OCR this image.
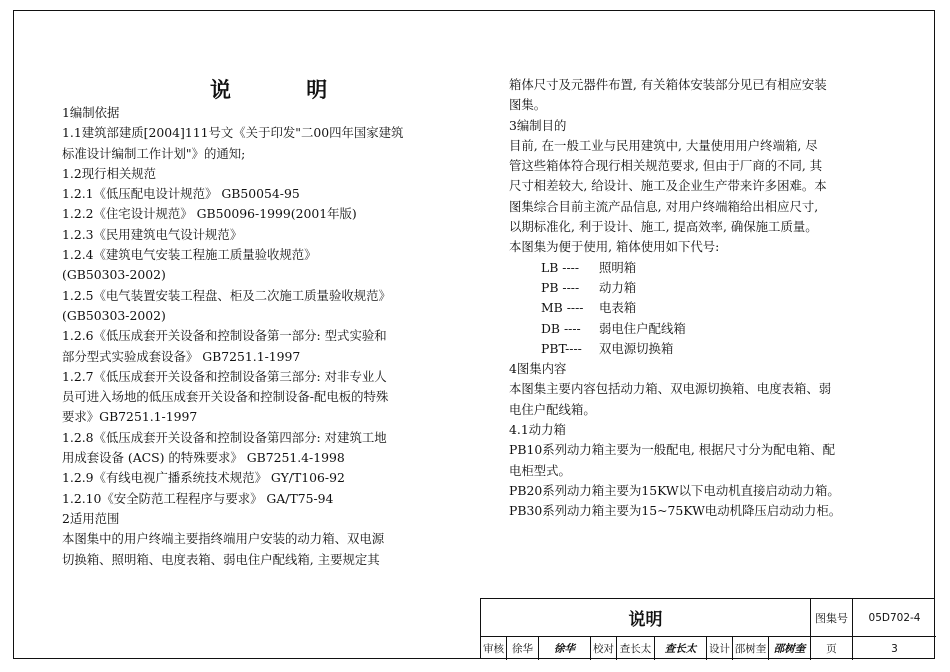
说 明
1编制依据
1.1建筑部建质[2004]111号文《关于印发"二00四年国家建筑
标准设计编制工作计划"》的通知;
1.2现行相关规范
1.2.1《低压配电设计规范》 GB50054-95
1.2.2《住宅设计规范》 GB50096-1999(2001年版)
1.2.3《民用建筑电气设计规范》
1.2.4《建筑电气安装工程施工质量验收规范》
(GB50303-2002)
1.2.5《电气装置安装工程盘、柜及二次施工质量验收规范》
(GB50303-2002)
1.2.6《低压成套开关设备和控制设备第一部分: 型式实验和
部分型式实验成套设备》 GB7251.1-1997
1.2.7《低压成套开关设备和控制设备第三部分: 对非专业人
员可进入场地的低压成套开关设备和控制设备-配电板的特殊
要求》GB7251.1-1997
1.2.8《低压成套开关设备和控制设备第四部分: 对建筑工地
用成套设备 (ACS) 的特殊要求》 GB7251.4-1998
1.2.9《有线电视广播系统技术规范》 GY/T106-92
1.2.10《安全防范工程程序与要求》 GA/T75-94
2适用范围
本图集中的用户终端主要指终端用户安装的动力箱、双电源
切换箱、照明箱、电度表箱、弱电住户配线箱, 主要规定其
箱体尺寸及元器件布置, 有关箱体安装部分见已有相应安装
图集。
3编制目的
目前, 在一般工业与民用建筑中, 大量使用用户终端箱, 尽
管这些箱体符合现行相关规范要求, 但由于厂商的不同, 其
尺寸相差较大, 给设计、施工及企业生产带来许多困难。本
图集综合目前主流产品信息, 对用户终端箱给出相应尺寸,
以期标准化, 利于设计、施工, 提高效率, 确保施工质量。
本图集为便于使用, 箱体使用如下代号:
LB ---- 照明箱
PB ---- 动力箱
MB ---- 电表箱
DB ---- 弱电住户配线箱
PBT---- 双电源切换箱
4图集内容
本图集主要内容包括动力箱、双电源切换箱、电度表箱、弱
电住户配线箱。
4.1动力箱
PB10系列动力箱主要为一般配电, 根据尺寸分为配电箱、配
电柜型式。
PB20系列动力箱主要为15KW以下电动机直接启动动力箱。
PB30系列动力箱主要为15~75KW电动机降压启动动力柜。
说明	图集号	05D702-4
审核 徐华	徐华	校对 查长太	查长太	设计 邵树奎 邵树奎	页	3
